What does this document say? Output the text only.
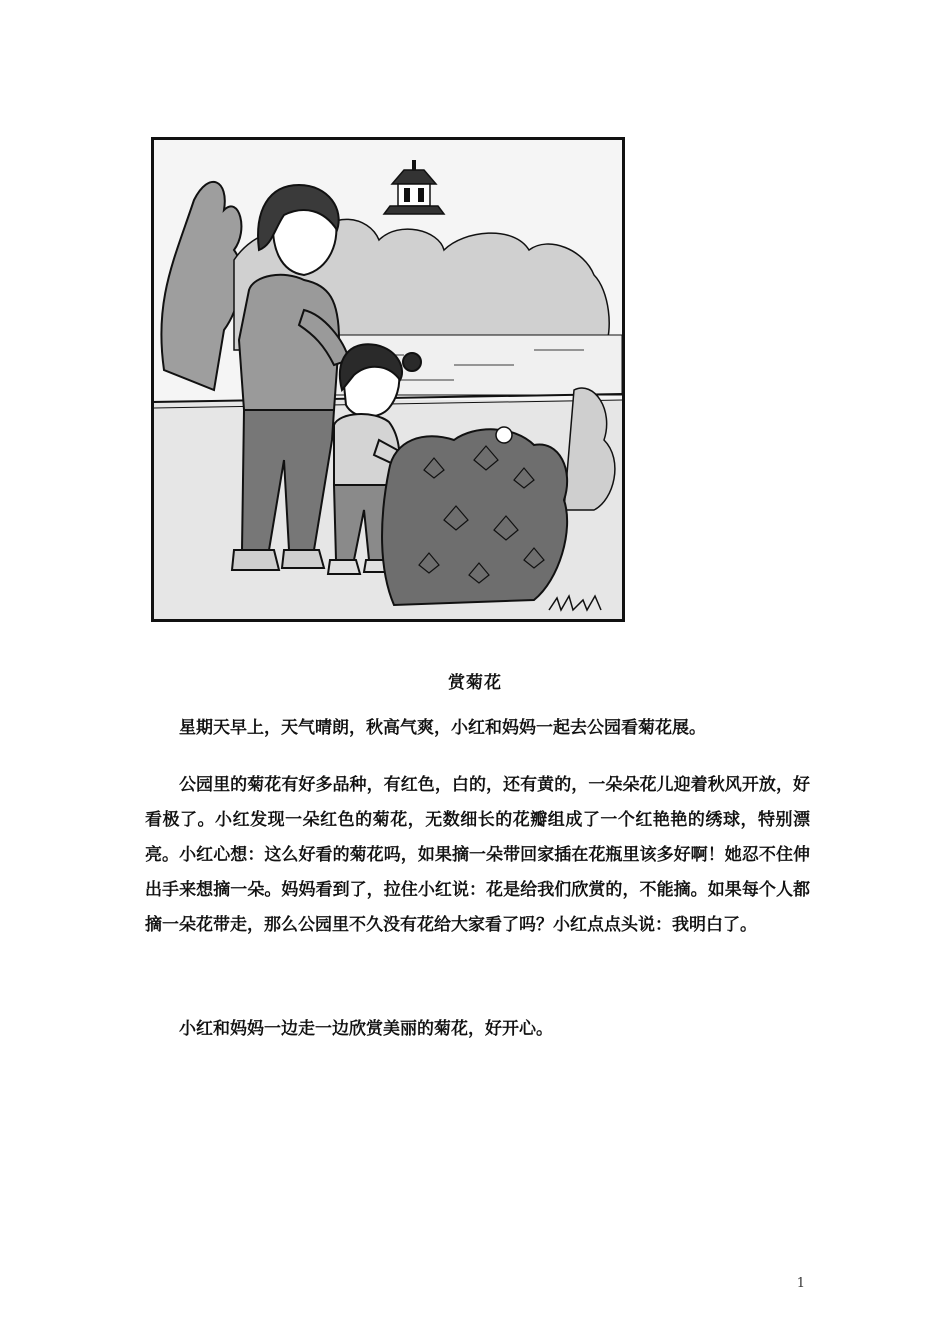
赏菊花

星期天早上，天气晴朗，秋高气爽，小红和妈妈一起去公园看菊花展。

公园里的菊花有好多品种，有红色，白的，还有黄的，一朵朵花儿迎着秋风开放，好看极了。小红发现一朵红色的菊花，无数细长的花瓣组成了一个红艳艳的绣球，特别漂亮。小红心想：这么好看的菊花吗，如果摘一朵带回家插在花瓶里该多好啊！她忍不住伸出手来想摘一朵。妈妈看到了，拉住小红说：花是给我们欣赏的，不能摘。如果每个人都摘一朵花带走，那么公园里不久没有花给大家看了吗？小红点点头说：我明白了。

小红和妈妈一边走一边欣赏美丽的菊花，好开心。

1
